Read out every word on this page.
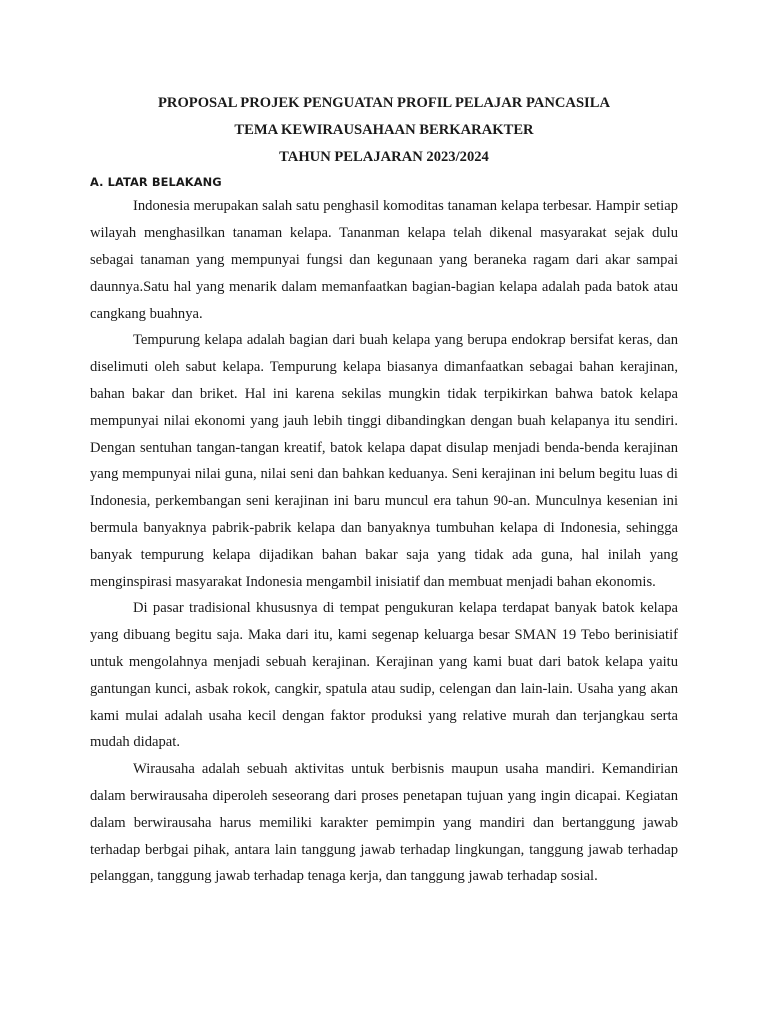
PROPOSAL PROJEK PENGUATAN PROFIL PELAJAR PANCASILA
TEMA KEWIRAUSAHAAN BERKARAKTER
TAHUN PELAJARAN 2023/2024
A. LATAR BELAKANG

Indonesia merupakan salah satu penghasil komoditas tanaman kelapa terbesar. Hampir setiap wilayah menghasilkan tanaman kelapa. Tananman kelapa telah dikenal masyarakat sejak dulu sebagai tanaman yang mempunyai fungsi dan kegunaan yang beraneka ragam dari akar sampai daunnya.Satu hal yang menarik dalam memanfaatkan bagian-bagian kelapa adalah pada batok atau cangkang buahnya.

Tempurung kelapa adalah bagian dari buah kelapa yang berupa endokrap bersifat keras, dan diselimuti oleh sabut kelapa. Tempurung kelapa biasanya dimanfaatkan sebagai bahan kerajinan, bahan bakar dan briket. Hal ini karena sekilas mungkin tidak terpikirkan bahwa batok kelapa mempunyai nilai ekonomi yang jauh lebih tinggi dibandingkan dengan buah kelapanya itu sendiri. Dengan sentuhan tangan-tangan kreatif, batok kelapa dapat disulap menjadi benda-benda kerajinan yang mempunyai nilai guna, nilai seni dan bahkan keduanya. Seni kerajinan ini belum begitu luas di Indonesia, perkembangan seni kerajinan ini baru muncul era tahun 90-an. Munculnya kesenian ini bermula banyaknya pabrik-pabrik kelapa dan banyaknya tumbuhan kelapa di Indonesia, sehingga banyak tempurung kelapa dijadikan bahan bakar saja yang tidak ada guna, hal inilah yang menginspirasi masyarakat Indonesia mengambil inisiatif dan membuat menjadi bahan ekonomis.

Di pasar tradisional khususnya di tempat pengukuran kelapa terdapat banyak batok kelapa yang dibuang begitu saja. Maka dari itu, kami segenap keluarga besar SMAN 19 Tebo berinisiatif untuk mengolahnya menjadi sebuah kerajinan. Kerajinan yang kami buat dari batok kelapa yaitu gantungan kunci, asbak rokok, cangkir, spatula atau sudip, celengan dan lain-lain. Usaha yang akan kami mulai adalah usaha kecil dengan faktor produksi yang relative murah dan terjangkau serta mudah didapat.

Wirausaha adalah sebuah aktivitas untuk berbisnis maupun usaha mandiri. Kemandirian dalam berwirausaha diperoleh seseorang dari proses penetapan tujuan yang ingin dicapai. Kegiatan dalam berwirausaha harus memiliki karakter pemimpin yang mandiri dan bertanggung jawab terhadap berbgai pihak, antara lain tanggung jawab terhadap lingkungan, tanggung jawab terhadap pelanggan, tanggung jawab terhadap tenaga kerja, dan tanggung jawab terhadap sosial.
